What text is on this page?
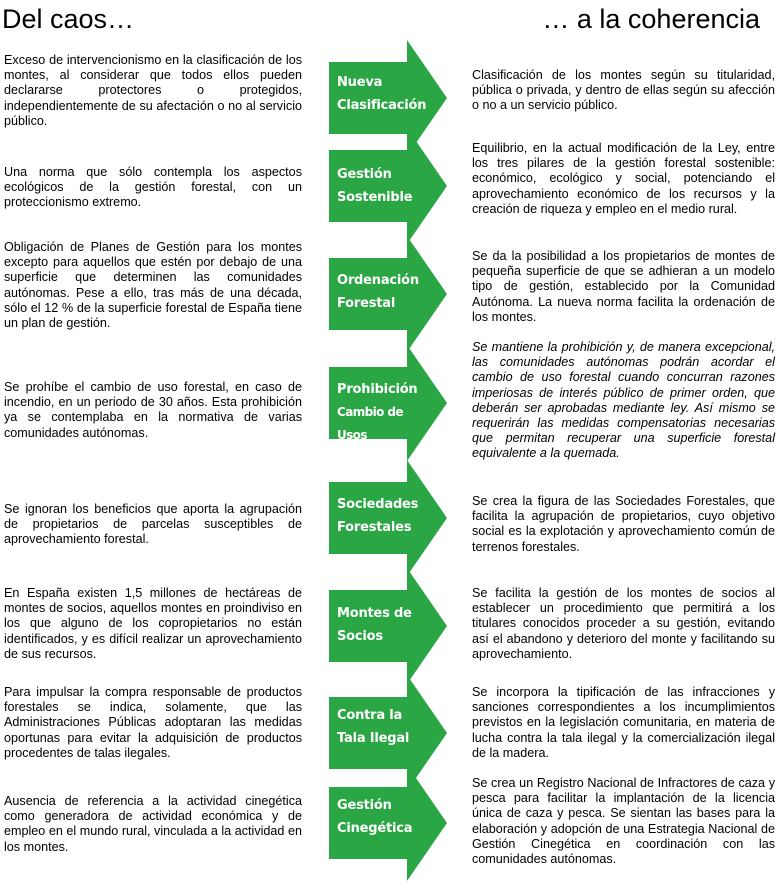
Del caos…	… a la coherencia
Exceso de intervencionismo en la clasificación de los montes, al considerar que todos ellos pueden declararse protectores o protegidos, independientemente de su afectación o no al servicio público.
Nueva
Clasificación
Clasificación de los montes según su titularidad, pública o privada, y dentro de ellas según su afección o no a un servicio público.
Una norma que sólo contempla los aspectos ecológicos de la gestión forestal, con un proteccionismo extremo.
Gestión
Sostenible
Equilibrio, en la actual modificación de la Ley, entre los tres pilares de la gestión forestal sostenible: económico, ecológico y social, potenciando el aprovechamiento económico de los recursos y la creación de riqueza y empleo en el medio rural.
Obligación de Planes de Gestión para los montes excepto para aquellos que estén por debajo de una superficie que determinen las comunidades autónomas. Pese a ello, tras más de una década, sólo el 12 % de la superficie forestal de España tiene un plan de gestión.
Ordenación
Forestal
Se da la posibilidad a los propietarios de montes de pequeña superficie de que se adhieran a un modelo tipo de gestión, establecido por la Comunidad Autónoma. La nueva norma facilita la ordenación de los montes.
Se prohíbe el cambio de uso forestal, en caso de incendio, en un periodo de 30 años. Esta prohibición ya se contemplaba en la normativa de varias comunidades autónomas.
Prohibición
Cambio de Usos
Se mantiene la prohibición y, de manera excepcional, las comunidades autónomas podrán acordar el cambio de uso forestal cuando concurran razones imperiosas de interés público de primer orden, que deberán ser aprobadas mediante ley. Así mismo se requerirán las medidas compensatorias necesarias que permitan recuperar una superficie forestal equivalente a la quemada.
Se ignoran los beneficios que aporta la agrupación de propietarios de parcelas susceptibles de aprovechamiento forestal.
Sociedades
Forestales
Se crea la figura de las Sociedades Forestales, que facilita la agrupación de propietarios, cuyo objetivo social es la explotación y aprovechamiento común de terrenos forestales.
En España existen 1,5 millones de hectáreas de montes de socios, aquellos montes en proindiviso en los que alguno de los copropietarios no están identificados, y es difícil realizar un aprovechamiento de sus recursos.
Montes de
Socios
Se facilita la gestión de los montes de socios al establecer un procedimiento que permitirá a los titulares conocidos proceder a su gestión, evitando así el abandono y deterioro del monte y facilitando su aprovechamiento.
Para impulsar la compra responsable de productos forestales se indica, solamente, que las Administraciones Públicas adoptaran las medidas oportunas para evitar la adquisición de productos procedentes de talas ilegales.
Contra la
Tala Ilegal
Se incorpora la tipificación de las infracciones y sanciones correspondientes a los incumplimientos previstos en la legislación comunitaria, en materia de lucha contra la tala ilegal y la comercialización ilegal de la madera.
Ausencia de referencia a la actividad cinegética como generadora de actividad económica y de empleo en el mundo rural, vinculada a la actividad en los montes.
Gestión
Cinegética
Se crea un Registro Nacional de Infractores de caza y pesca para facilitar la implantación de la licencia única de caza y pesca. Se sientan las bases para la elaboración y adopción de una Estrategia Nacional de Gestión Cinegética en coordinación con las comunidades autónomas.
